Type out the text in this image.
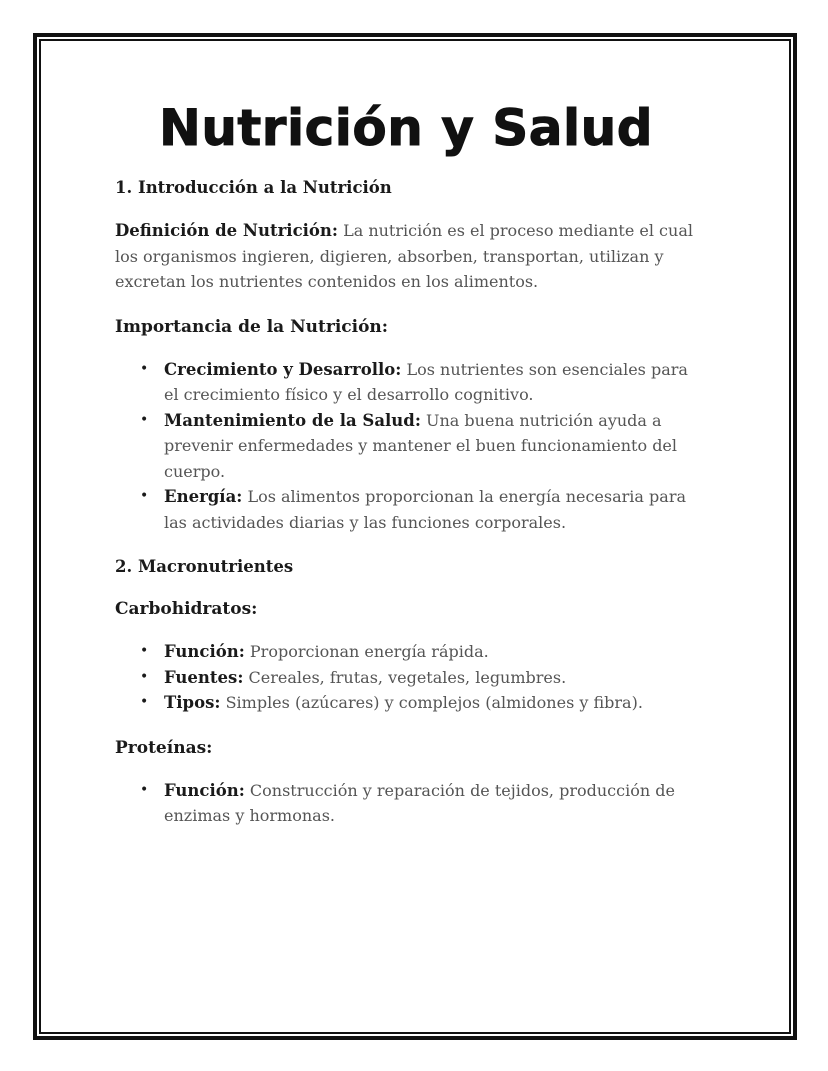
Nutrición y Salud
1. Introducción a la Nutrición

Definición de Nutrición: La nutrición es el proceso mediante el cual los organismos ingieren, digieren, absorben, transportan, utilizan y excretan los nutrientes contenidos en los alimentos.

Importancia de la Nutrición:
• Crecimiento y Desarrollo: Los nutrientes son esenciales para el crecimiento físico y el desarrollo cognitivo.
• Mantenimiento de la Salud: Una buena nutrición ayuda a prevenir enfermedades y mantener el buen funcionamiento del cuerpo.
• Energía: Los alimentos proporcionan la energía necesaria para las actividades diarias y las funciones corporales.
2. Macronutrientes
Carbohidratos:
• Función: Proporcionan energía rápida.
• Fuentes: Cereales, frutas, vegetales, legumbres.
• Tipos: Simples (azúcares) y complejos (almidones y fibra).
Proteínas:
• Función: Construcción y reparación de tejidos, producción de enzimas y hormonas.
